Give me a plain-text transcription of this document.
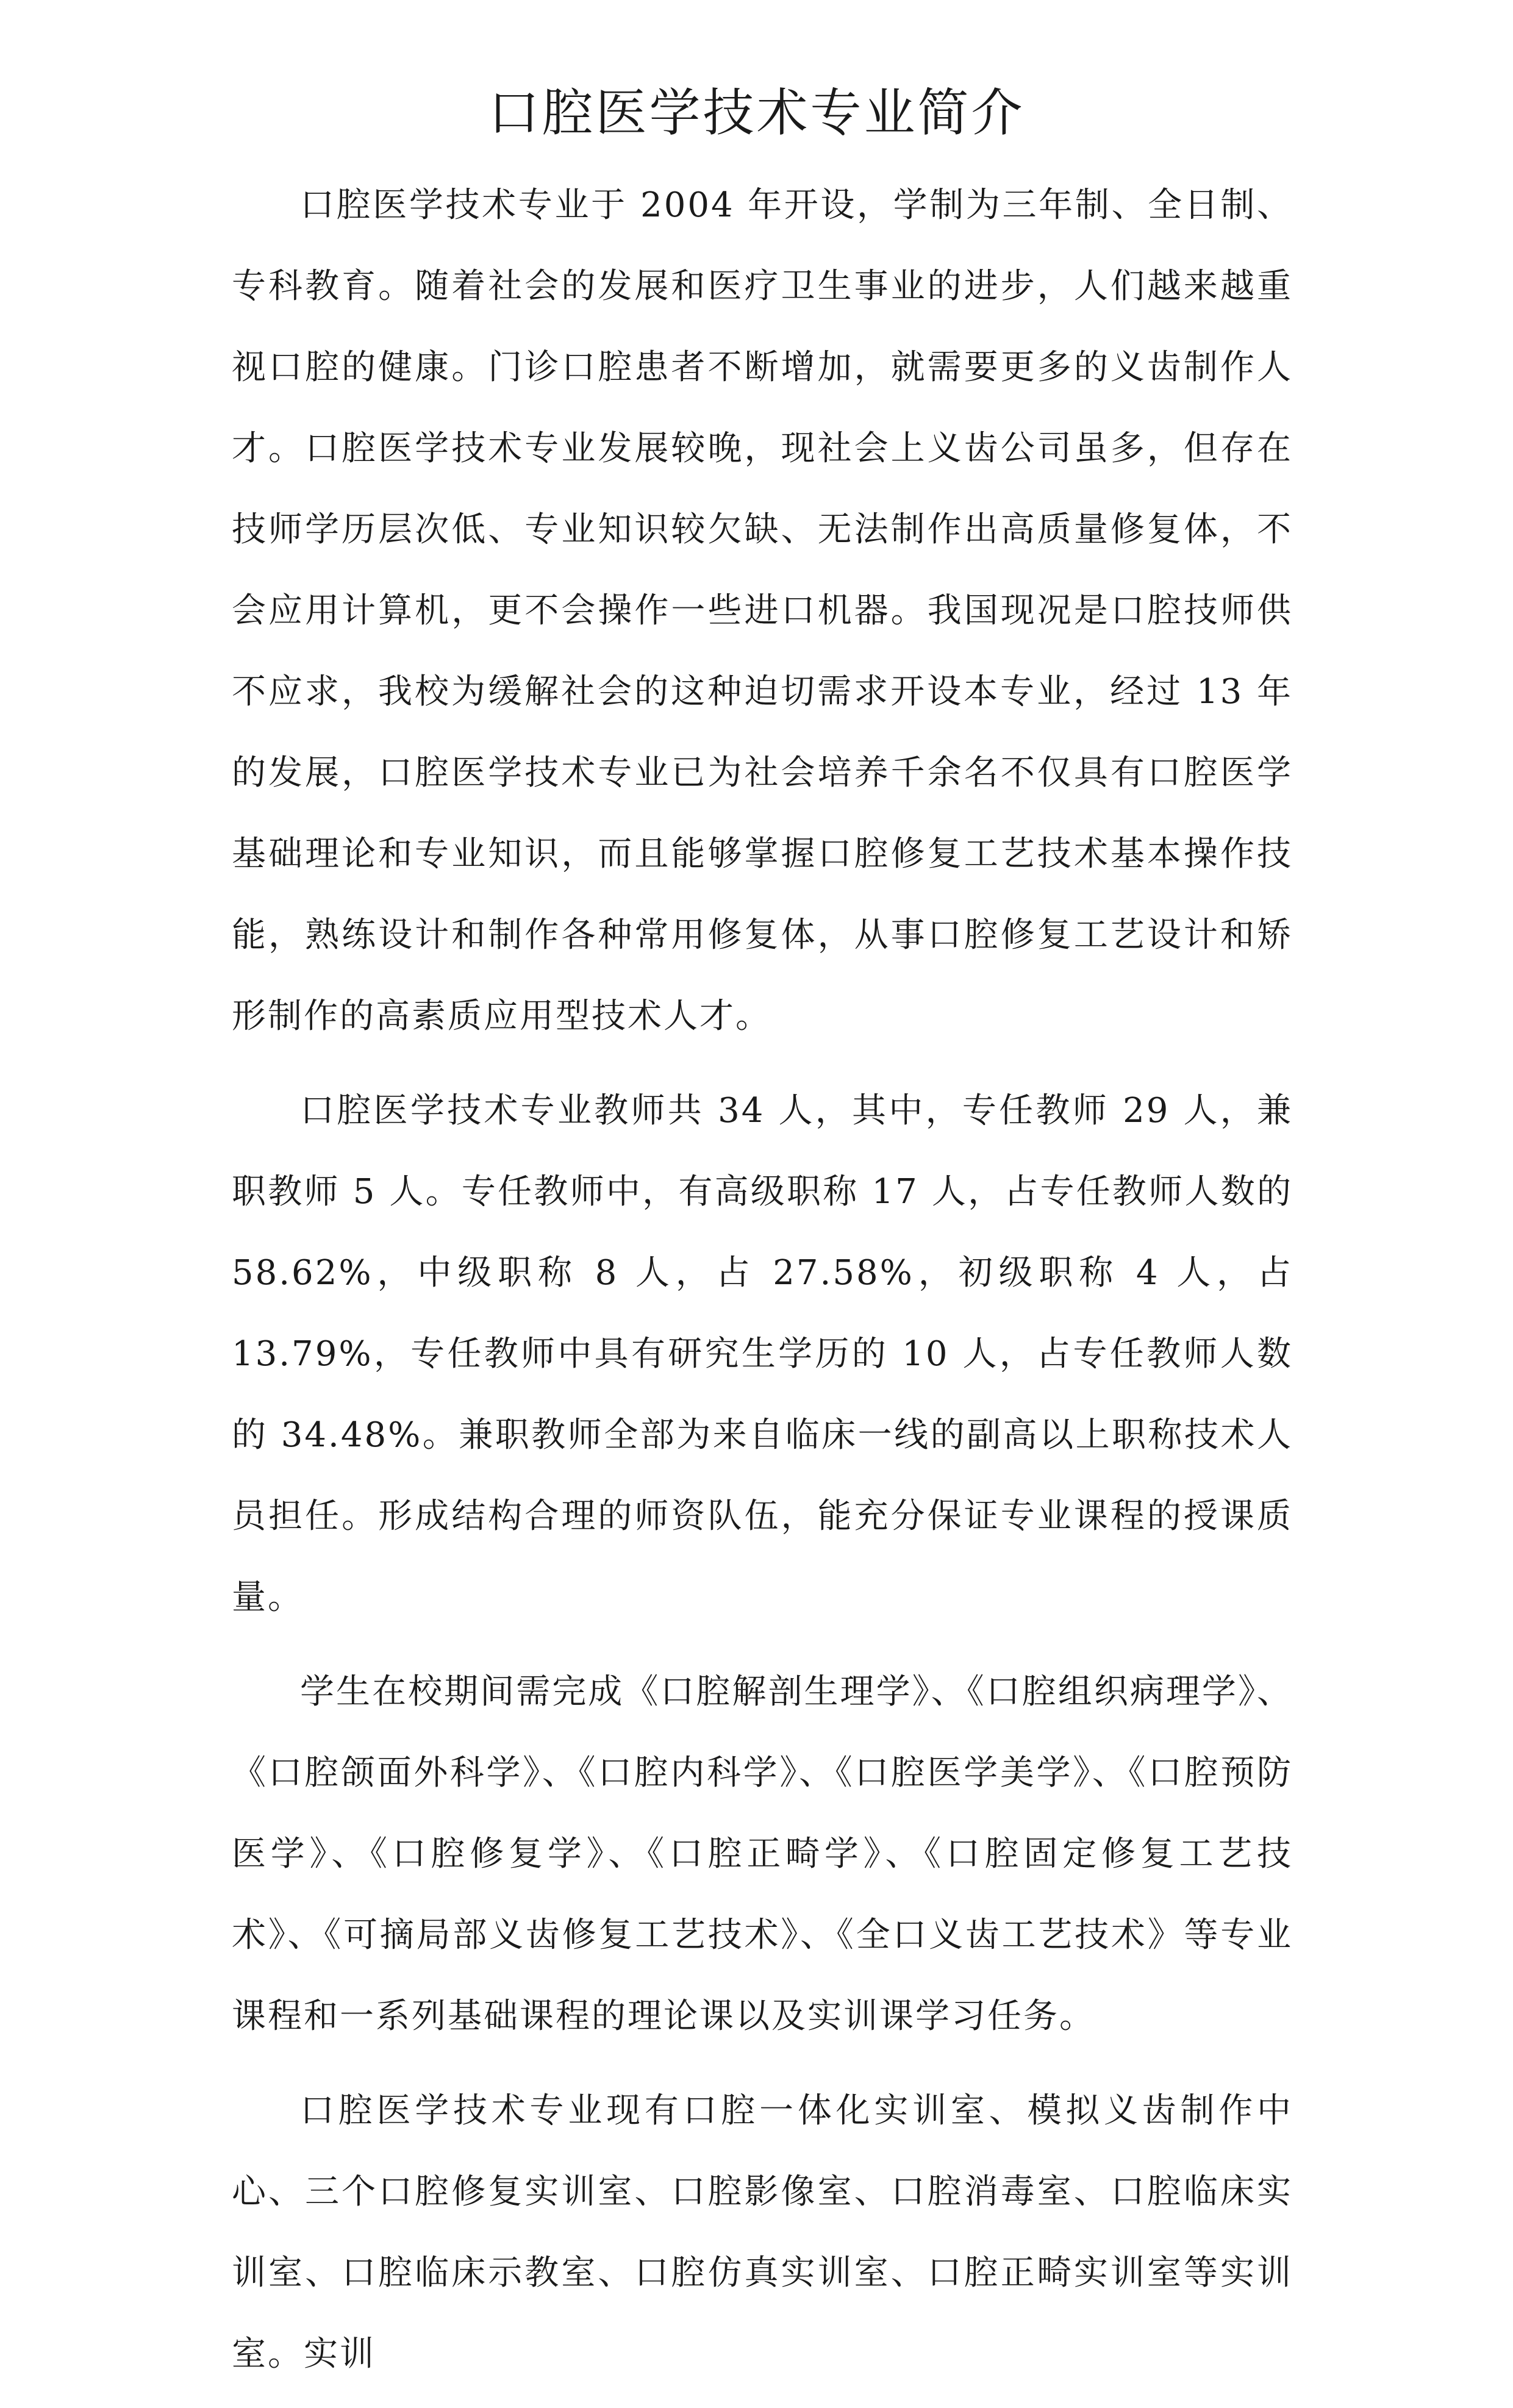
口腔医学技术专业简介

口腔医学技术专业于 2004 年开设，学制为三年制、全日制、专科教育。随着社会的发展和医疗卫生事业的进步，人们越来越重视口腔的健康。门诊口腔患者不断增加，就需要更多的义齿制作人才。口腔医学技术专业发展较晚，现社会上义齿公司虽多，但存在技师学历层次低、专业知识较欠缺、无法制作出高质量修复体，不会应用计算机，更不会操作一些进口机器。我国现况是口腔技师供不应求，我校为缓解社会的这种迫切需求开设本专业，经过 13 年的发展，口腔医学技术专业已为社会培养千余名不仅具有口腔医学基础理论和专业知识，而且能够掌握口腔修复工艺技术基本操作技能，熟练设计和制作各种常用修复体，从事口腔修复工艺设计和矫形制作的高素质应用型技术人才。

口腔医学技术专业教师共 34 人，其中，专任教师 29 人，兼职教师 5 人。专任教师中，有高级职称 17 人，占专任教师人数的 58.62%，中级职称 8 人，占 27.58%，初级职称 4 人，占 13.79%，专任教师中具有研究生学历的 10 人，占专任教师人数的 34.48%。兼职教师全部为来自临床一线的副高以上职称技术人员担任。形成结构合理的师资队伍，能充分保证专业课程的授课质量。

学生在校期间需完成《口腔解剖生理学》、《口腔组织病理学》、《口腔颌面外科学》、《口腔内科学》、《口腔医学美学》、《口腔预防医学》、《口腔修复学》、《口腔正畸学》、《口腔固定修复工艺技术》、《可摘局部义齿修复工艺技术》、《全口义齿工艺技术》等专业课程和一系列基础课程的理论课以及实训课学习任务。

口腔医学技术专业现有口腔一体化实训室、模拟义齿制作中心、三个口腔修复实训室、口腔影像室、口腔消毒室、口腔临床实训室、口腔临床示教室、口腔仿真实训室、口腔正畸实训室等实训室。实训
